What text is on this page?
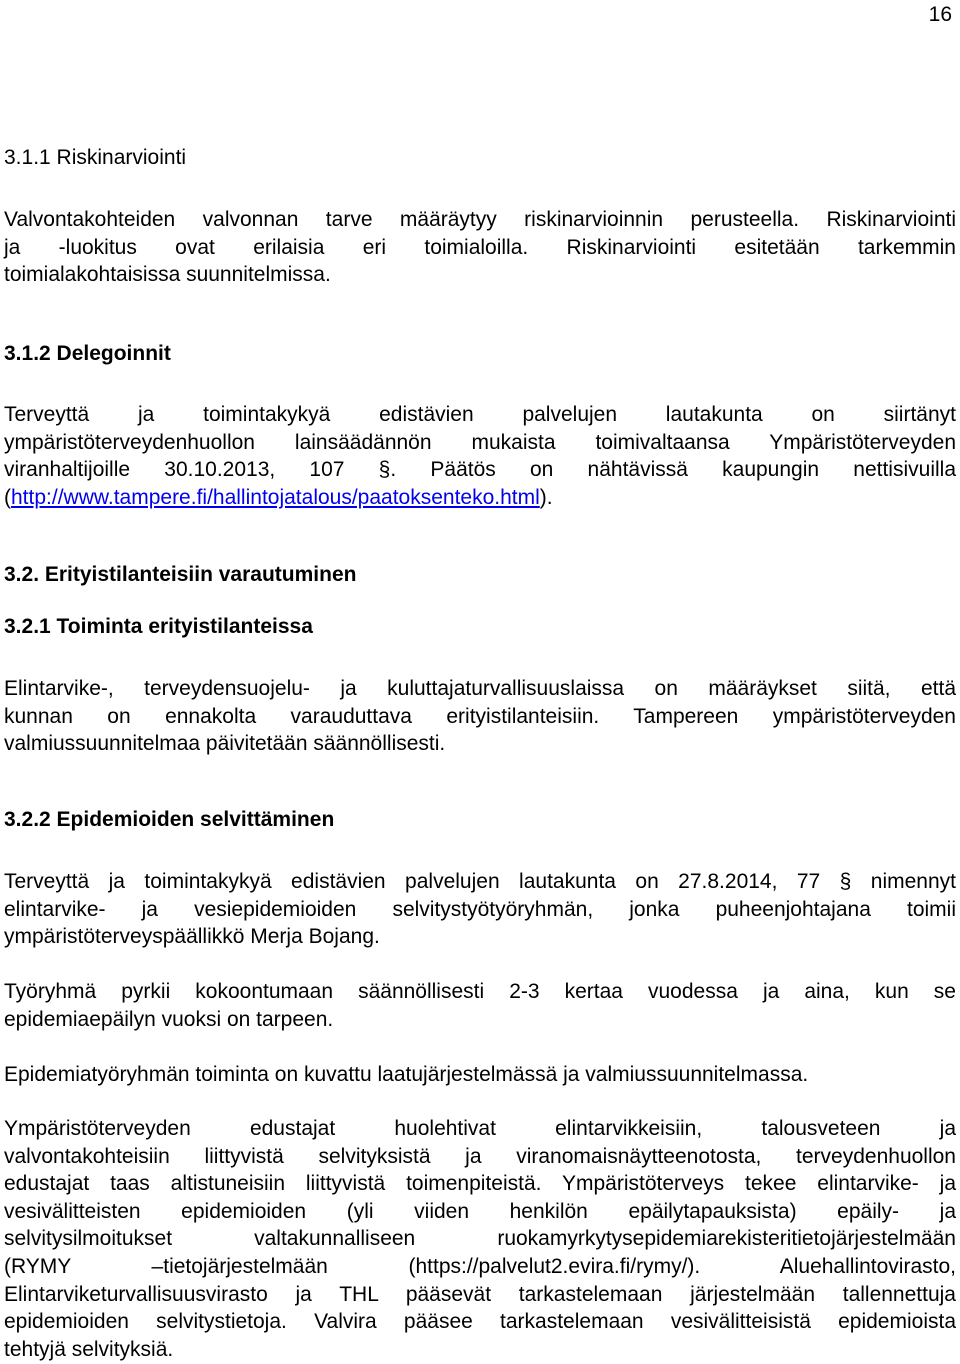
16
3.1.1 Riskinarviointi
Valvontakohteiden valvonnan tarve määräytyy riskinarvioinnin perusteella. Riskinarviointi
ja -luokitus ovat erilaisia eri toimialoilla. Riskinarviointi esitetään tarkemmin
toimialakohtaisissa suunnitelmissa.
3.1.2 Delegoinnit
Terveyttä ja toimintakykyä edistävien palvelujen lautakunta on siirtänyt
ympäristöterveydenhuollon lainsäädännön mukaista toimivaltaansa Ympäristöterveyden
viranhaltijoille 30.10.2013, 107 §. Päätös on nähtävissä kaupungin nettisivuilla
(http://www.tampere.fi/hallintojatalous/paatoksenteko.html).
3.2. Erityistilanteisiin varautuminen
3.2.1 Toiminta erityistilanteissa
Elintarvike-, terveydensuojelu- ja kuluttajaturvallisuuslaissa on määräykset siitä, että
kunnan on ennakolta varauduttava erityistilanteisiin. Tampereen ympäristöterveyden
valmiussuunnitelmaa päivitetään säännöllisesti.
3.2.2 Epidemioiden selvittäminen
Terveyttä ja toimintakykyä edistävien palvelujen lautakunta on 27.8.2014, 77 § nimennyt
elintarvike- ja vesiepidemioiden selvitystyötyöryhmän, jonka puheenjohtajana toimii
ympäristöterveyspäällikkö Merja Bojang.
Työryhmä pyrkii kokoontumaan säännöllisesti 2-3 kertaa vuodessa ja aina, kun se
epidemiaepäilyn vuoksi on tarpeen.
Epidemiatyöryhmän toiminta on kuvattu laatujärjestelmässä ja valmiussuunnitelmassa.
Ympäristöterveyden edustajat huolehtivat elintarvikkeisiin, talousveteen ja
valvontakohteisiin liittyvistä selvityksistä ja viranomaisnäytteenotosta, terveydenhuollon
edustajat taas altistuneisiin liittyvistä toimenpiteistä. Ympäristöterveys tekee elintarvike- ja
vesivälitteisten epidemioiden (yli viiden henkilön epäilytapauksista) epäily- ja
selvitysilmoitukset valtakunnalliseen ruokamyrkytysepidemiarekisteritietojärjestelmään
(RYMY –tietojärjestelmään (https://palvelut2.evira.fi/rymy/). Aluehallintovirasto,
Elintarviketurvallisuusvirasto ja THL pääsevät tarkastelemaan järjestelmään tallennettuja
epidemioiden selvitystietoja. Valvira pääsee tarkastelemaan vesivälitteisistä epidemioista
tehtyjä selvityksiä.
